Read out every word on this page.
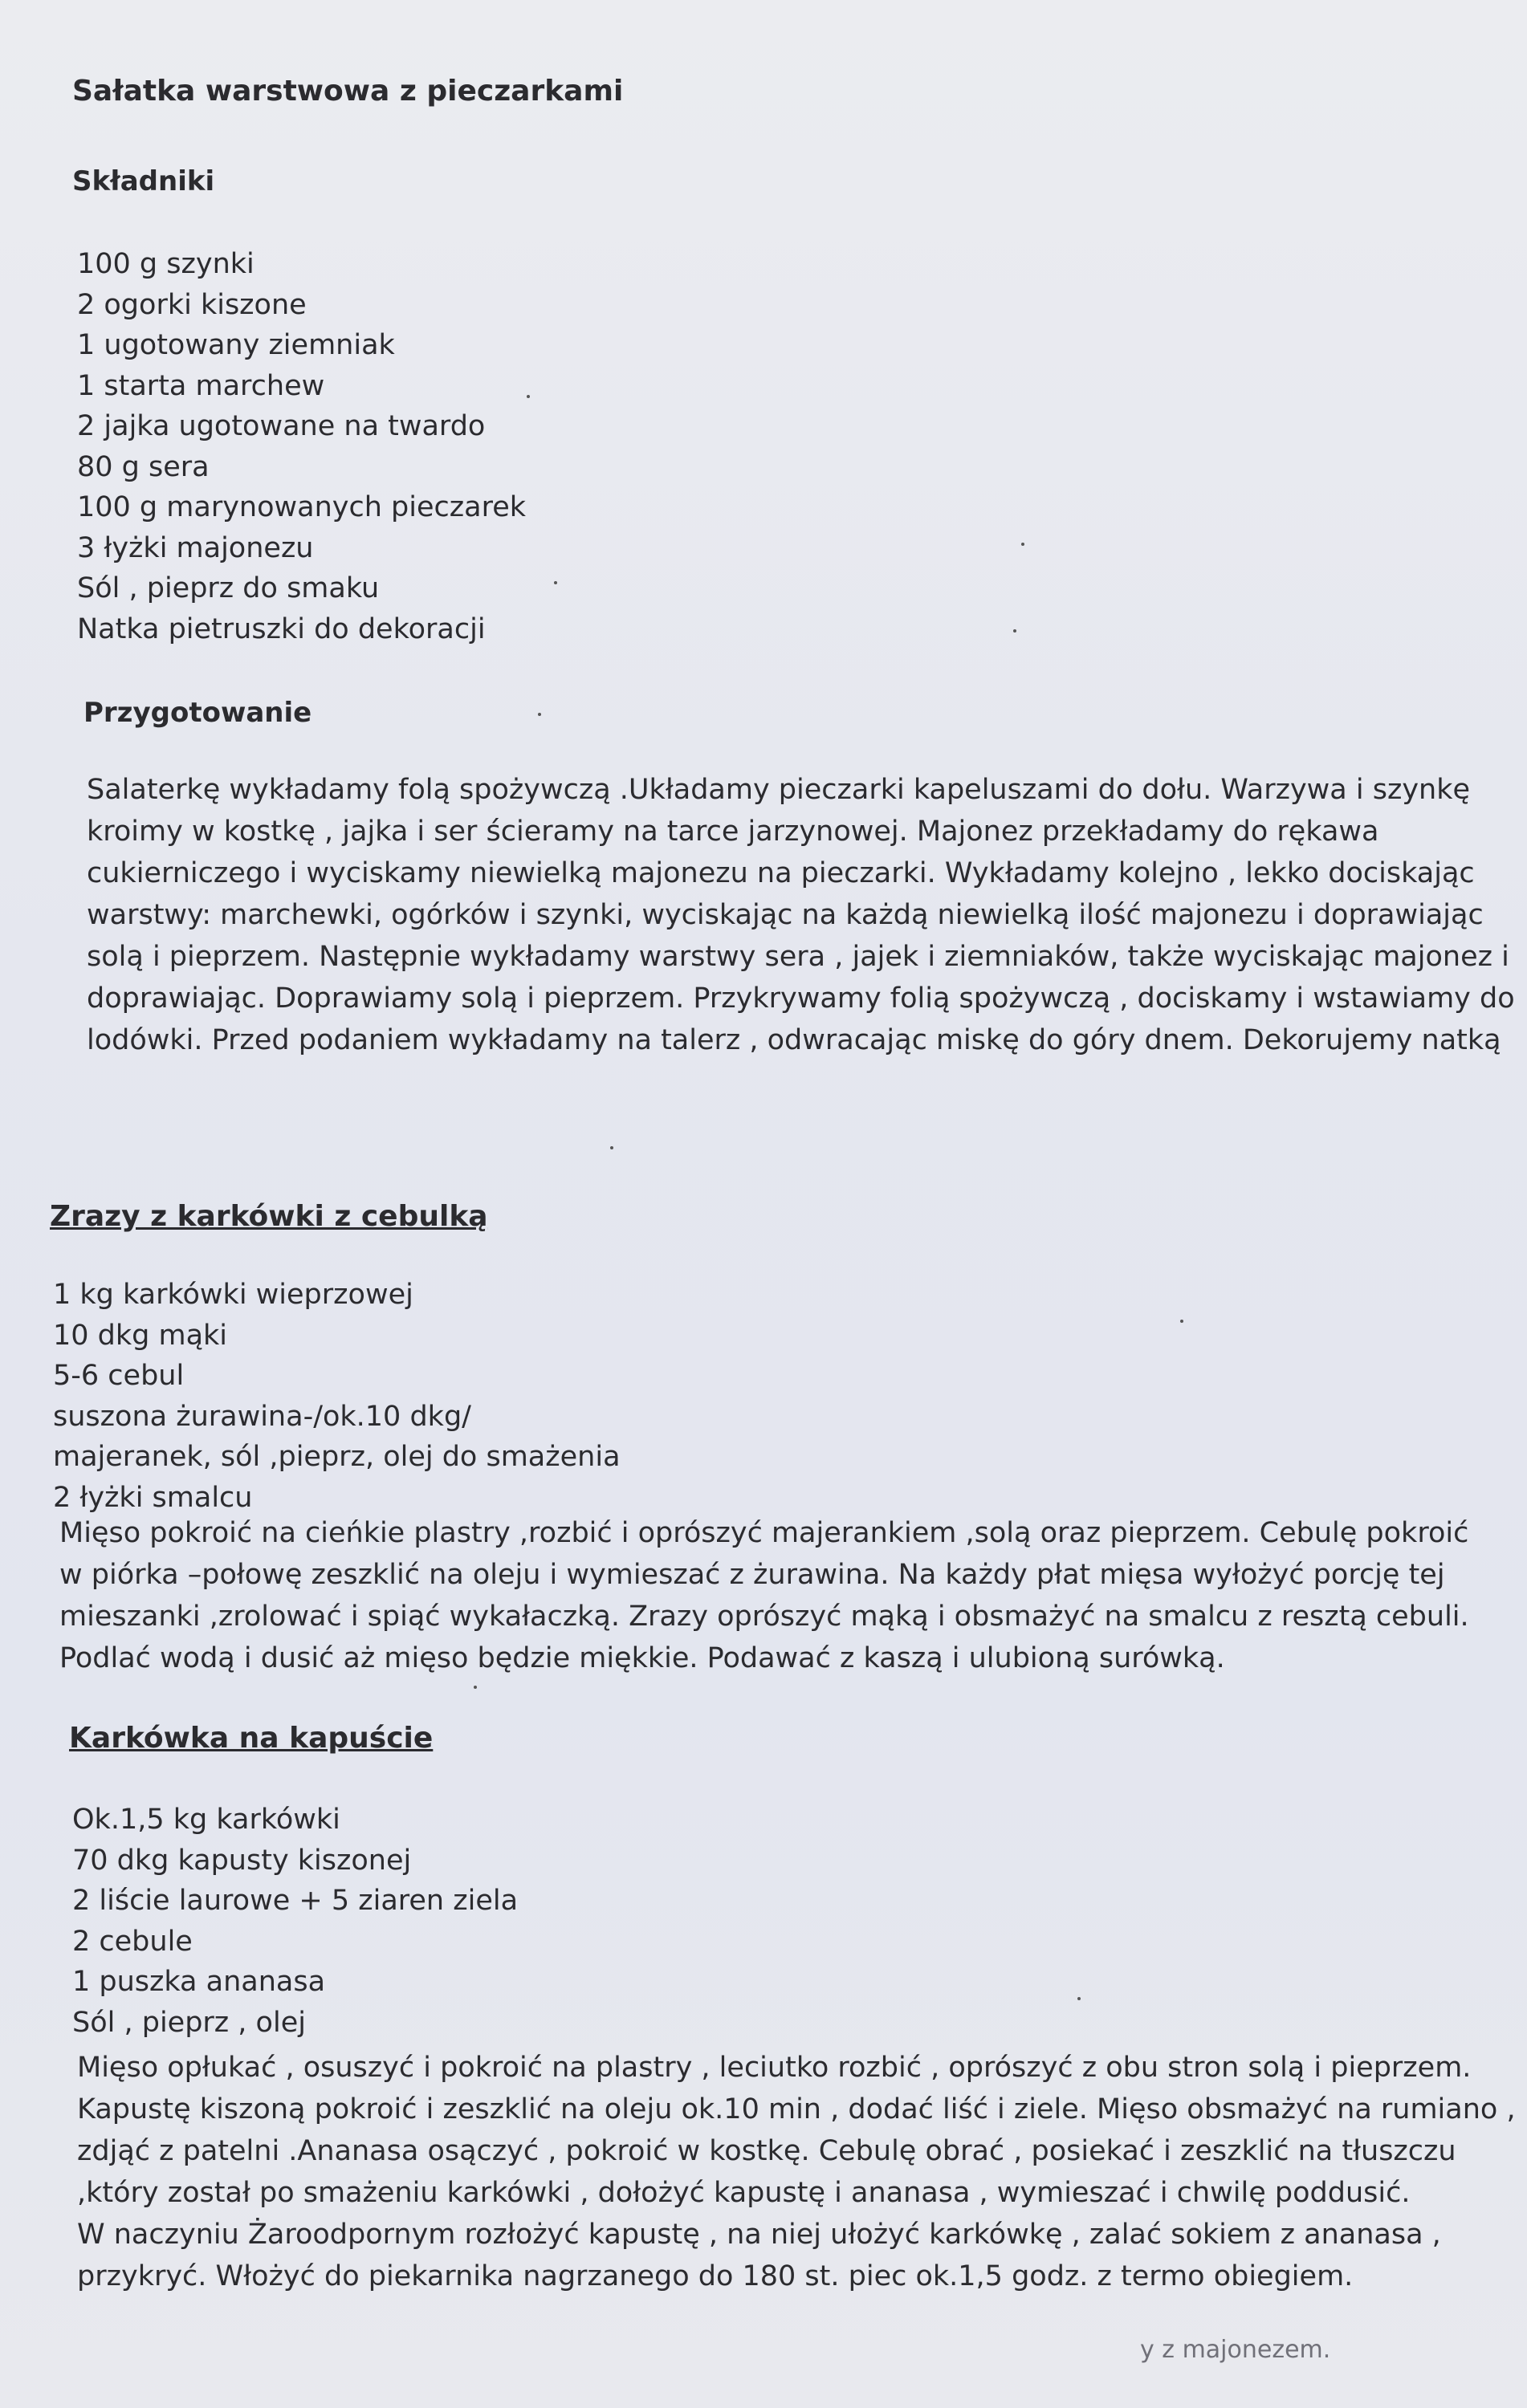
Sałatka warstwowa z pieczarkami
Składniki
100 g szynki
2 ogorki kiszone
1 ugotowany ziemniak
1 starta marchew
2 jajka ugotowane na twardo
80 g sera
100 g marynowanych pieczarek
3 łyżki majonezu
Sól , pieprz do smaku
Natka pietruszki do dekoracji
Przygotowanie
Salaterkę wykładamy folą spożywczą .Układamy pieczarki kapeluszami do dołu. Warzywa i szynkę
kroimy w kostkę , jajka i ser ścieramy na tarce jarzynowej. Majonez przekładamy do rękawa
cukierniczego i wyciskamy niewielką majonezu na pieczarki. Wykładamy kolejno , lekko dociskając
warstwy: marchewki, ogórków i szynki, wyciskając na każdą niewielką ilość majonezu i doprawiając
solą i pieprzem. Następnie wykładamy warstwy sera , jajek i ziemniaków, także wyciskając majonez i
doprawiając. Doprawiamy solą i pieprzem. Przykrywamy folią spożywczą , dociskamy i wstawiamy do
lodówki. Przed podaniem wykładamy na talerz , odwracając miskę do góry dnem. Dekorujemy natką
Zrazy z karkówki z cebulką
1 kg karkówki wieprzowej
10 dkg mąki
5-6 cebul
suszona żurawina-/ok.10 dkg/
majeranek, sól ,pieprz, olej do smażenia
2 łyżki smalcu
Mięso pokroić na cieńkie plastry ,rozbić i oprószyć majerankiem ,solą oraz pieprzem. Cebulę pokroić
w piórka –połowę zeszklić na oleju i wymieszać z żurawina. Na każdy płat mięsa wyłożyć porcję tej
mieszanki ,zrolować i spiąć wykałaczką. Zrazy oprószyć mąką i obsmażyć na smalcu z resztą cebuli.
Podlać wodą i dusić aż mięso będzie miękkie. Podawać z kaszą i ulubioną surówką.
Karkówka na kapuście
Ok.1,5 kg karkówki
70 dkg kapusty kiszonej
2 liście laurowe + 5 ziaren ziela
2 cebule
1 puszka ananasa
Sól , pieprz , olej
Mięso opłukać , osuszyć i pokroić na plastry , leciutko rozbić , oprószyć z obu stron solą i pieprzem.
Kapustę kiszoną pokroić i zeszklić na oleju ok.10 min , dodać liść i ziele. Mięso obsmażyć na rumiano ,
zdjąć z patelni .Ananasa osączyć , pokroić w kostkę. Cebulę obrać , posiekać i zeszklić na tłuszczu
,który został po smażeniu karkówki , dołożyć kapustę i ananasa , wymieszać i chwilę poddusić.
W naczyniu Żaroodpornym rozłożyć kapustę , na niej ułożyć karkówkę , zalać sokiem z ananasa ,
przykryć. Włożyć do piekarnika nagrzanego do 180 st. piec ok.1,5 godz. z termo obiegiem.
y z majonezem.
